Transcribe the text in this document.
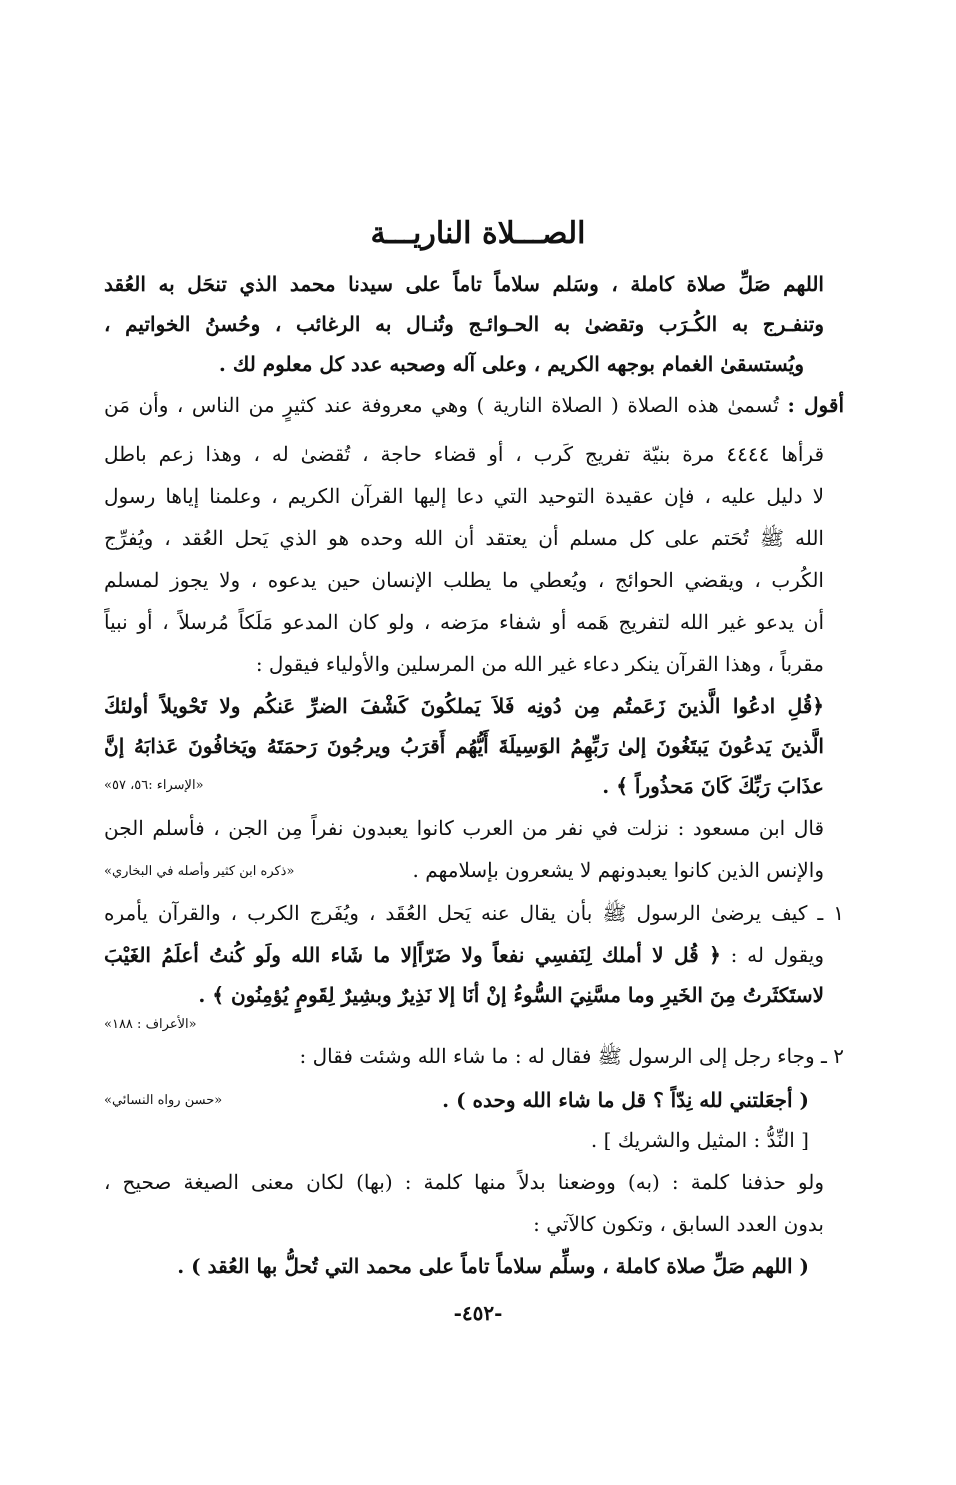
الصـــلاة الناريـــة
اللهم صَلِّ صلاة كاملة ، وسَلم سلاماً تاماً على سيدنا محمد الذي تنحَل به العُقد
وتنفـرج به الكُـرَب وتقضىٰ به الحـوائـج وتُنـال به الرغائب ، وحُسنُ الخواتيم ،
ويُستسقىٰ الغمام بوجهه الكريم ، وعلى آله وصحبه عدد كل معلوم لك .
أقول : تُسمىٰ هذه الصلاة ( الصلاة النارية ) وهي معروفة عند كثيرٍ من الناس ، وأن مَن
قرأها ٤٤٤٤ مرة بنيّة تفريج كَرب ، أو قضاء حاجة ، تُقضىٰ له ، وهذا زعم باطل
لا دليل عليه ، فإن عقيدة التوحيد التي دعا إليها القرآن الكريم ، وعلمنا إياها رسول
الله ﷺ تُحَتم على كل مسلم أن يعتقد أن الله وحده هو الذي يَحل العُقد ، ويُفرِّج
الكُرب ، ويقضي الحوائج ، ويُعطي ما يطلب الإنسان حين يدعوه ، ولا يجوز لمسلم
أن يدعو غير الله لتفريج هَمه أو شفاء مرَضه ، ولو كان المدعو مَلَكاً مُرسلاً ، أو نبياً
مقرباً ، وهذا القرآن ينكر دعاء غير الله من المرسلين والأولياء فيقول :
﴿قُلِ ادعُوا الَّذينَ زَعَمتُم مِن دُونِه فَلاَ يَملكُونَ كَشْفَ الضرِّ عَنكُم ولا تَحْويلاً أولئكَ
الَّذينَ يَدعُونَ يَبتَغُونَ إلىٰ رَبِّهِمُ الوَسِيلَةَ أَيُّهُم أَقرَبُ ويرجُونَ رَحمَتَهُ ويَخافُونَ عَذابَهُ إنَّ
عذَابَ رَبِّكَ كَانَ مَحذُوراً ﴾ .
«الإسراء :٥٦، ٥٧»
قال ابن مسعود : نزلت في نفر من العرب كانوا يعبدون نفراً مِن الجن ، فأسلم الجن
والإنس الذين كانوا يعبدونهم لا يشعرون بإسلامهم .
«ذكره ابن كثير وأصله في البخاري»
١ ـ كيف يرضىٰ الرسول ﷺ بأن يقال عنه يَحل العُقَد ، ويُفَرج الكرب ، والقرآن يأمره
ويقول له : ﴿ قُل لا أملك لِنَفسِي نفعاً ولا ضَرّاًإلا ما شَاء الله ولَو كُنتُ أعلَمُ الغَيْبَ
لاستَكثَرتُ مِنَ الخَيرِ وما مسَّنِيَ السُّوءُ إنْ أنَا إلا نَذِيرٌ وبشِيرٌ لِقَومٍ يُؤمِنُون ﴾ .
«الأعراف : ١٨٨»
٢ ـ وجاء رجل إلى الرسول ﷺ فقال له : ما شاء الله وشئت فقال :
( أجعَلتني لله نِدّاً ؟ قل ما شاء الله وحده ) .
«حسن رواه النسائي»
[ النِّدُّ : المثيل والشريك ] .
ولو حذفنا كلمة : (به) ووضعنا بدلاً منها كلمة : (بها) لكان معنى الصيغة صحيح ،
بدون العدد السابق ، وتكون كالآتي :
( اللهم صَلِّ صلاة كاملة ، وسلِّم سلاماً تاماً على محمد التي تُحلُّ بها العُقد ) .
-٤٥٢-
